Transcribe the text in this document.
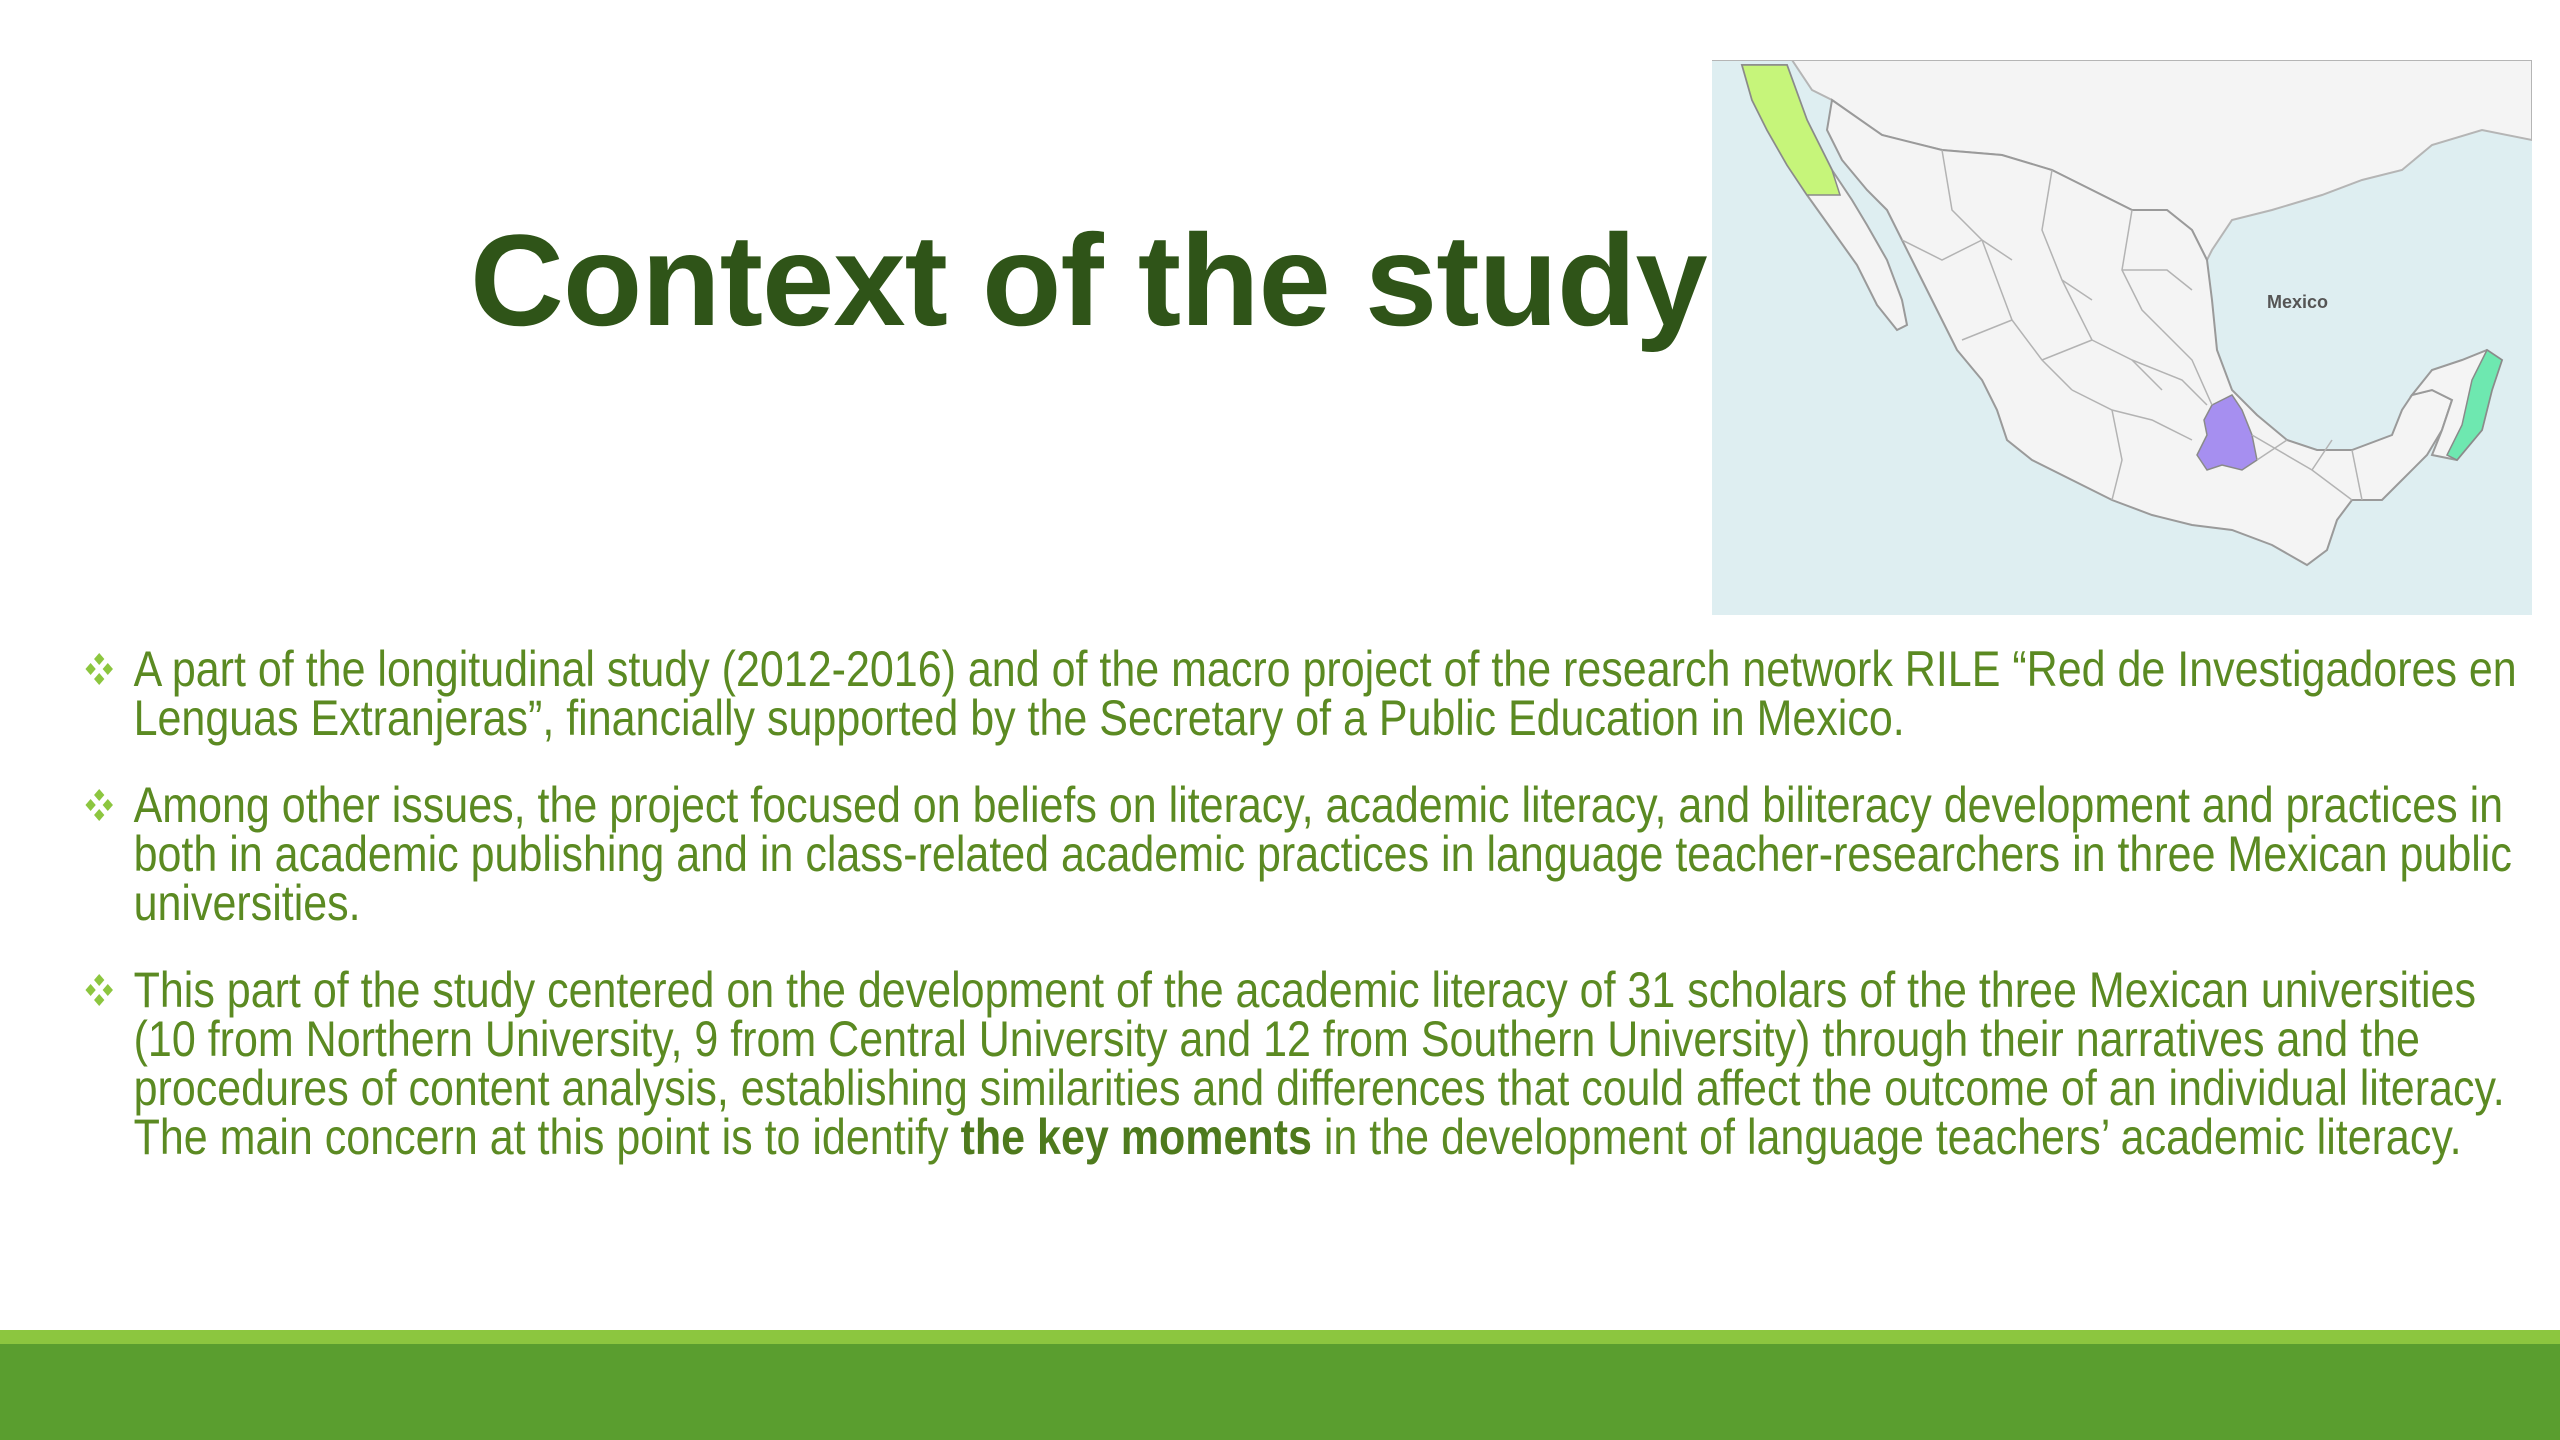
Context of the study	Mexico
A part of the longitudinal study (2012-2016) and of the macro project of the research network RILE “Red de Investigadores en Lenguas Extranjeras”, financially supported by the Secretary of a Public Education in Mexico.
Among other issues, the project focused on beliefs on literacy, academic literacy, and biliteracy development and practices in both in academic publishing and in class-related academic practices in language teacher-researchers in three Mexican public universities.
This part of the study centered on the development of the academic literacy of 31 scholars of the three Mexican universities (10 from Northern University, 9 from Central University and 12 from Southern University) through their narratives and the procedures of content analysis, establishing similarities and differences that could affect the outcome of an individual literacy. The main concern at this point is to identify the key moments in the development of language teachers’ academic literacy.
